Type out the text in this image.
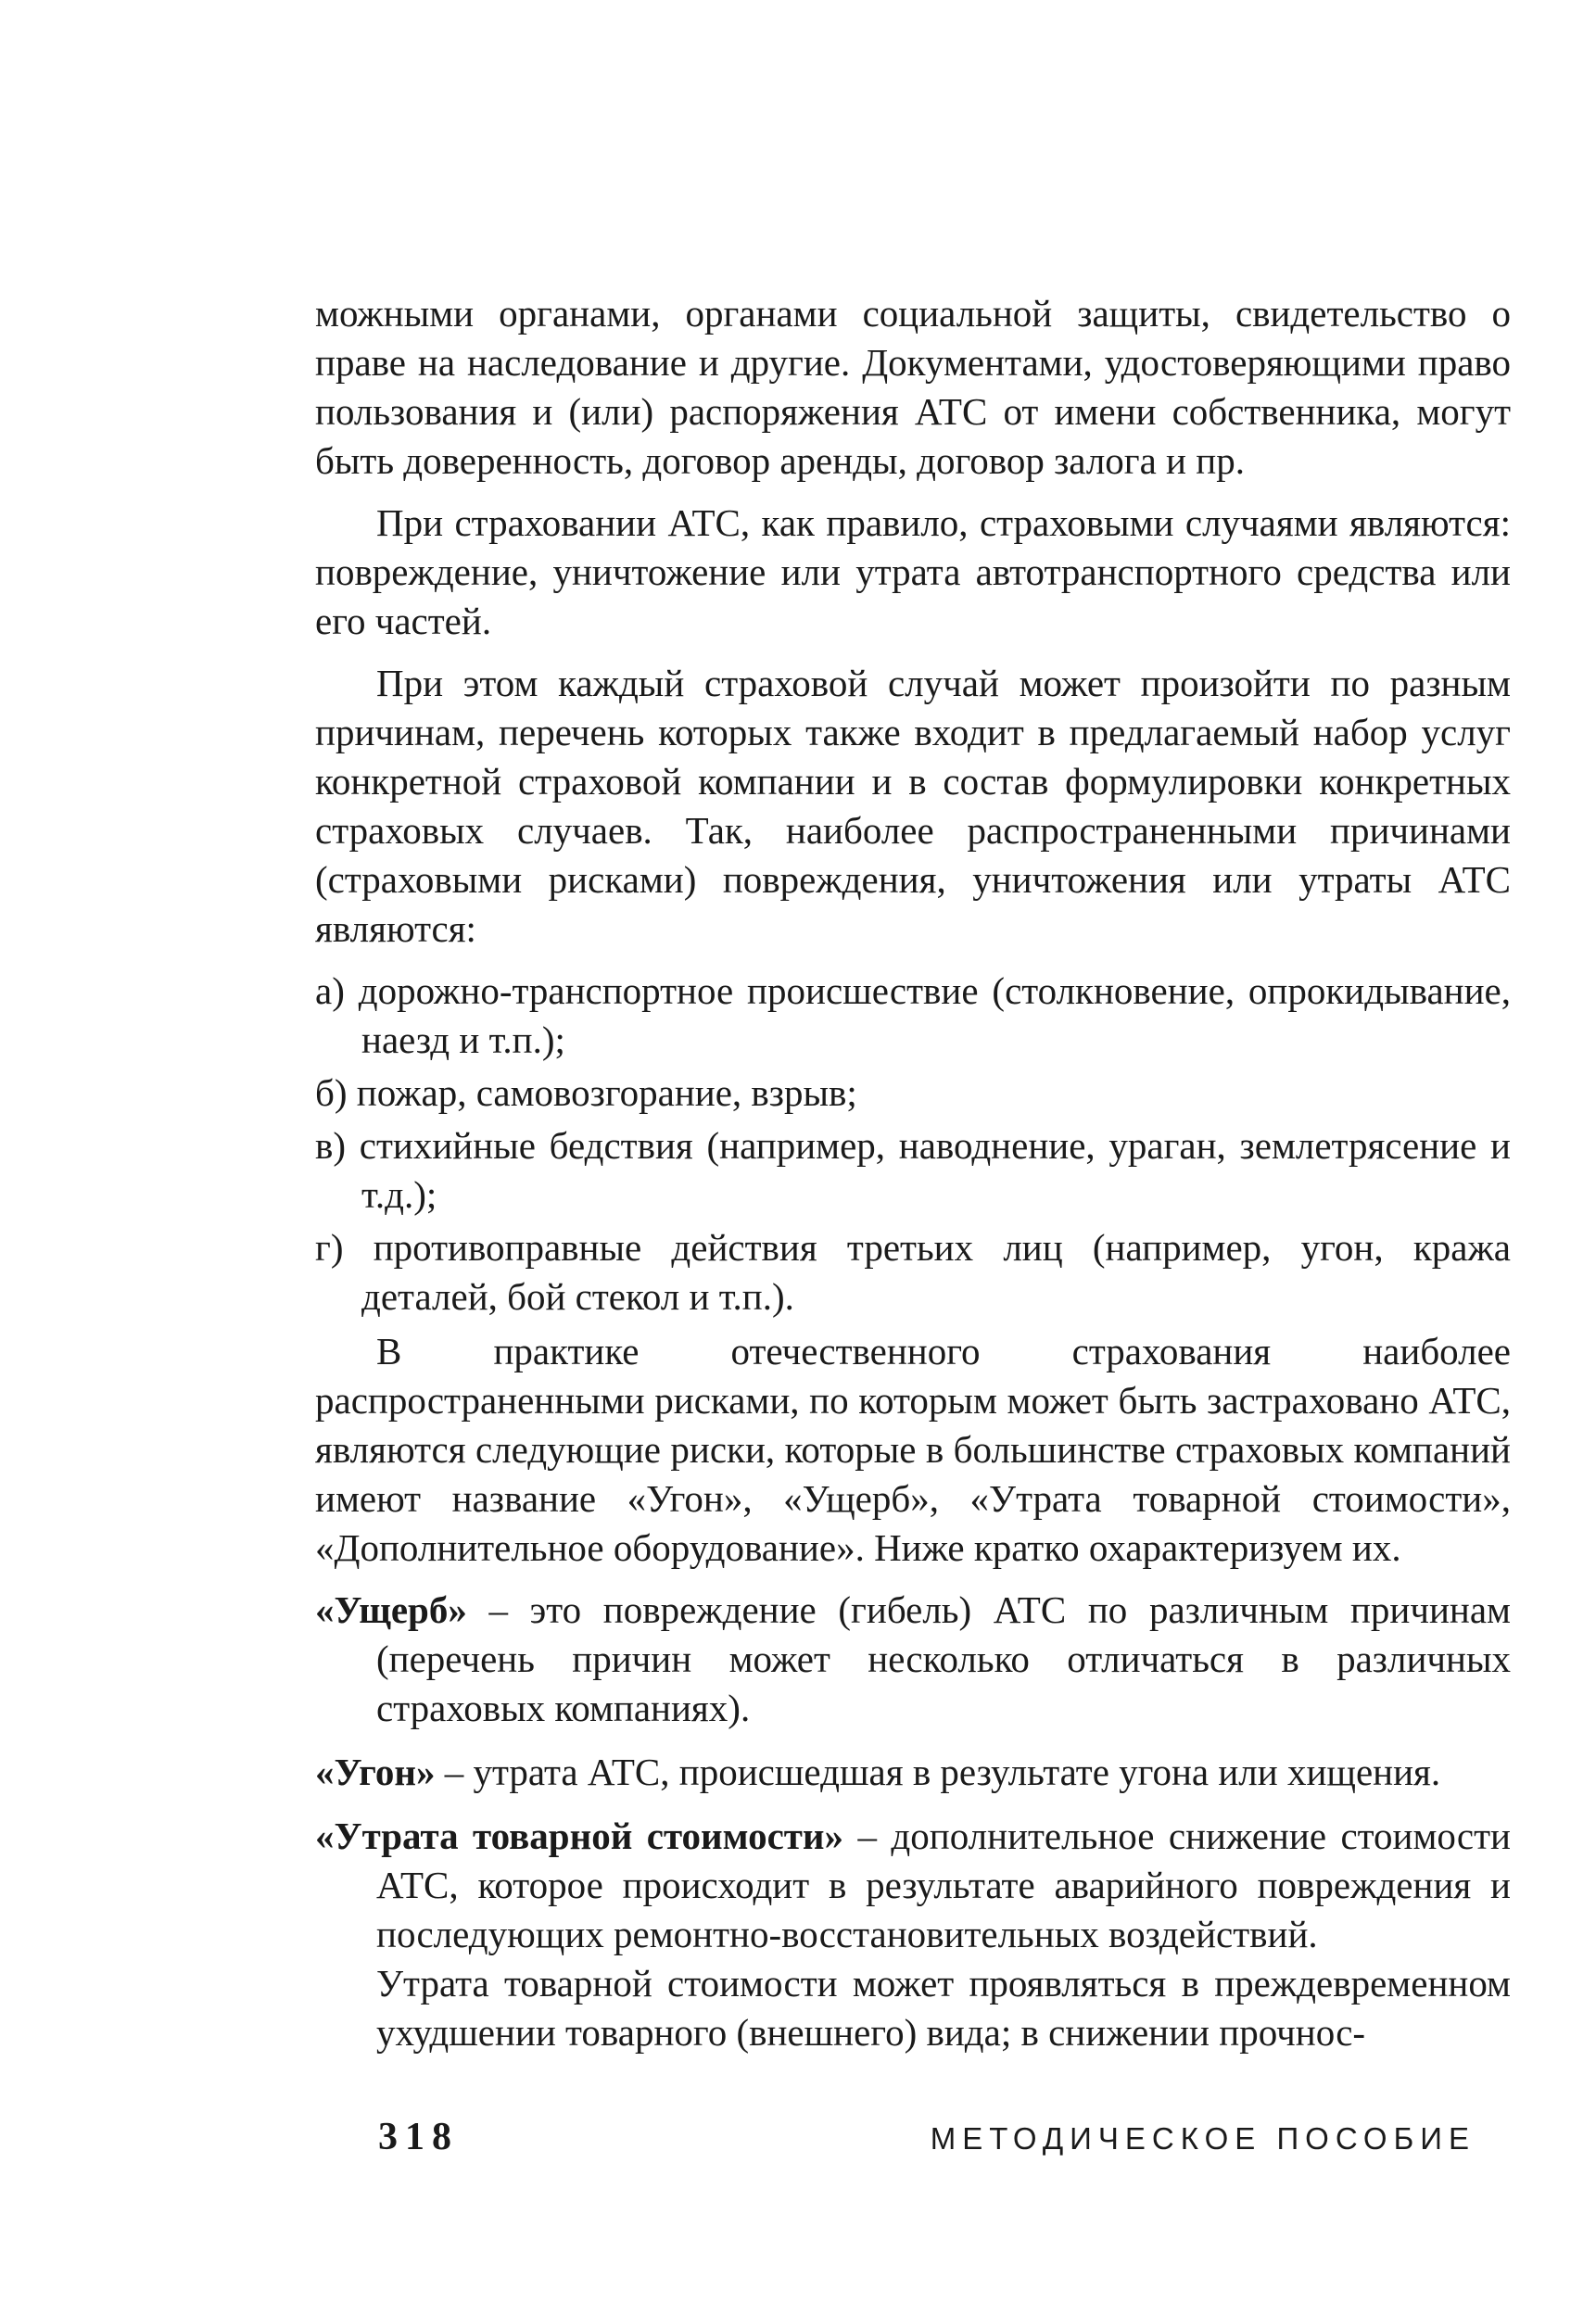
можными органами, органами социальной защиты, свидетельство о праве на наследование и другие. Документами, удостоверяющими право пользования и (или) распоряжения АТС от имени собственника, могут быть доверенность, договор аренды, договор залога и пр.

При страховании АТС, как правило, страховыми случаями являются: повреждение, уничтожение или утрата автотранспортного средства или его частей.

При этом каждый страховой случай может произойти по разным причинам, перечень которых также входит в предлагаемый набор услуг конкретной страховой компании и в состав формулировки конкретных страховых случаев. Так, наиболее распространенными причинами (страховыми рисками) повреждения, уничтожения или утраты АТС являются:

а) дорожно-транспортное происшествие (столкновение, опрокидывание, наезд и т.п.);

б) пожар, самовозгорание, взрыв;

в) стихийные бедствия (например, наводнение, ураган, землетрясение и т.д.);

г) противоправные действия третьих лиц (например, угон, кража деталей, бой стекол и т.п.).

В практике отечественного страхования наиболее распространенными рисками, по которым может быть застраховано АТС, являются следующие риски, которые в большинстве страховых компаний имеют название «Угон», «Ущерб», «Утрата товарной стоимости», «Дополнительное оборудование». Ниже кратко охарактеризуем их.

«Ущерб» – это повреждение (гибель) АТС по различным причинам (перечень причин может несколько отличаться в различных страховых компаниях).

«Угон» – утрата АТС, происшедшая в результате угона или хищения.

«Утрата товарной стоимости» – дополнительное снижение стоимости АТС, которое происходит в результате аварийного повреждения и последующих ремонтно-восстановительных воздействий.

Утрата товарной стоимости может проявляться в преждевременном ухудшении товарного (внешнего) вида; в снижении прочнос-

318	МЕТОДИЧЕСКОЕ ПОСОБИЕ
